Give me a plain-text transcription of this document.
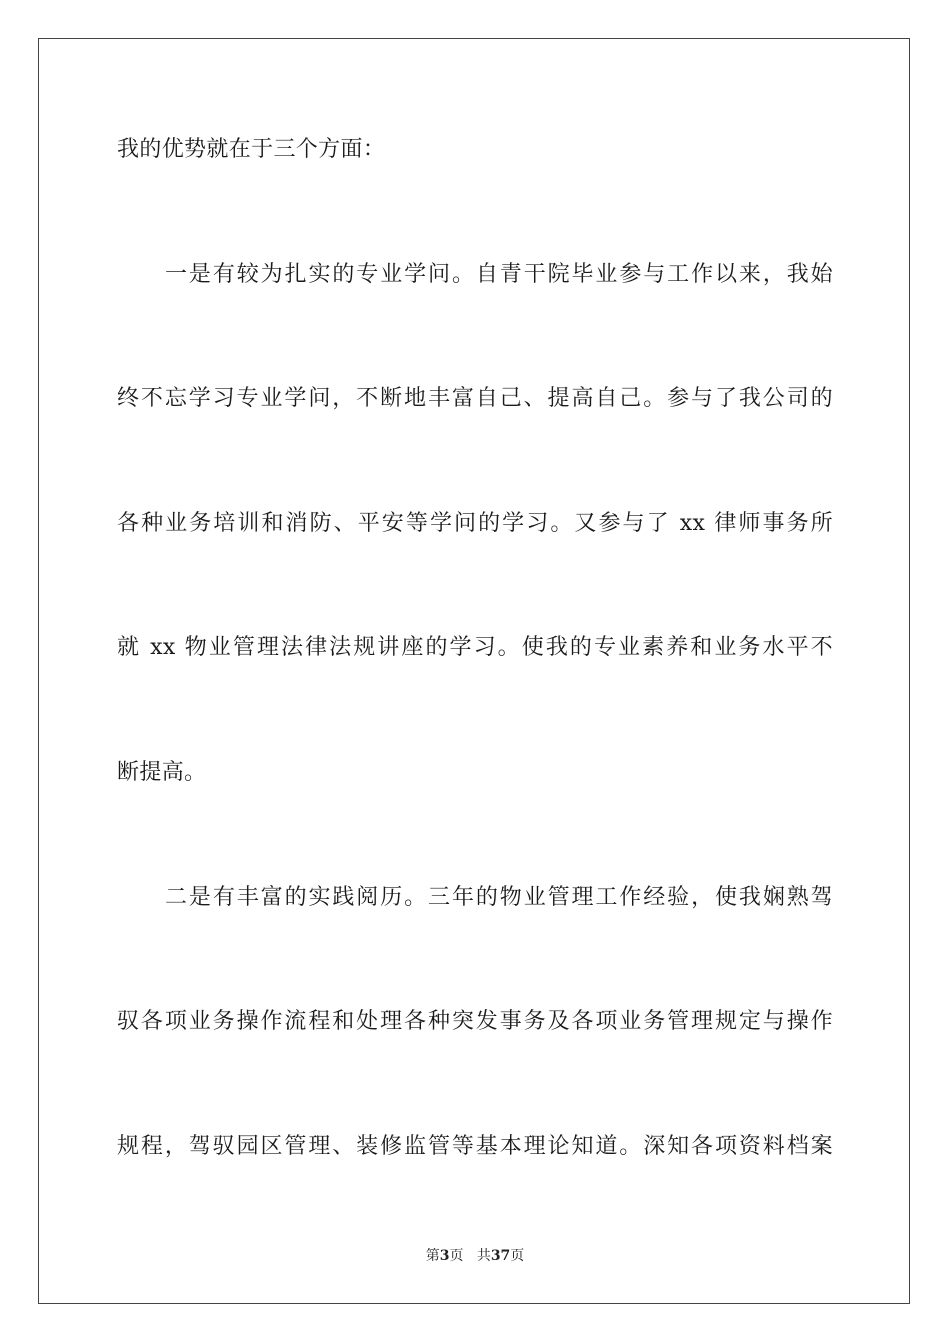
我的优势就在于三个方面：
一是有较为扎实的专业学问。自青干院毕业参与工作以来，我始
终不忘学习专业学问，不断地丰富自己、提高自己。参与了我公司的
各种业务培训和消防、平安等学问的学习。又参与了 xx 律师事务所
就 xx 物业管理法律法规讲座的学习。使我的专业素养和业务水平不
断提高。
二是有丰富的实践阅历。三年的物业管理工作经验，使我娴熟驾
驭各项业务操作流程和处理各种突发事务及各项业务管理规定与操作
规程，驾驭园区管理、装修监管等基本理论知道。深知各项资料档案
第3页 共37页
